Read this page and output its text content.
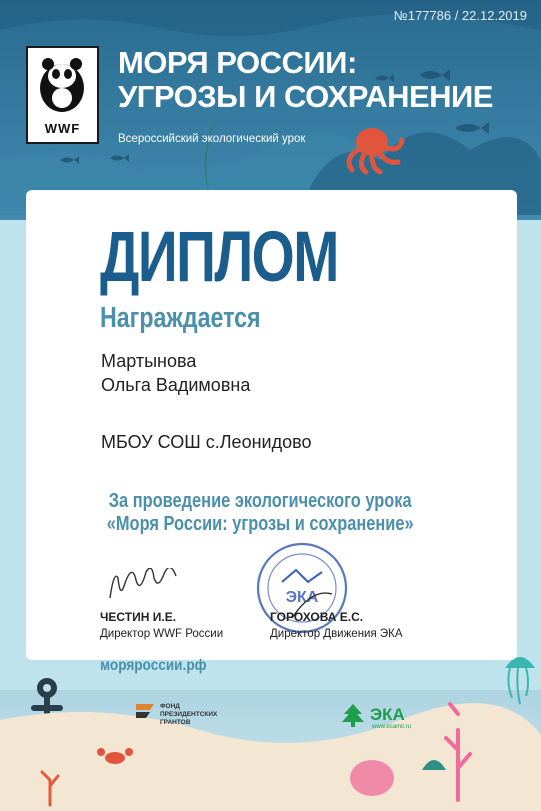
№177786 / 22.12.2019
WWF
МОРЯ РОССИИ:
УГРОЗЫ И СОХРАНЕНИЕ
Всероссийский экологический урок
ДИПЛОМ
Награждается
Мартынова
Ольга Вадимовна
МБОУ СОШ с.Леонидово
За проведение экологического урока
«Моря России: угрозы и сохранение»
ЭКА
ЧЕСТИН И.Е.
Директор WWF России
ГОРОХОВА Е.С.
Директор Движения ЭКА
моряроссии.рф
ФОНД
ПРЕЗИДЕНТСКИХ
ГРАНТОВ	ЭКА
www.ecamir.ru
